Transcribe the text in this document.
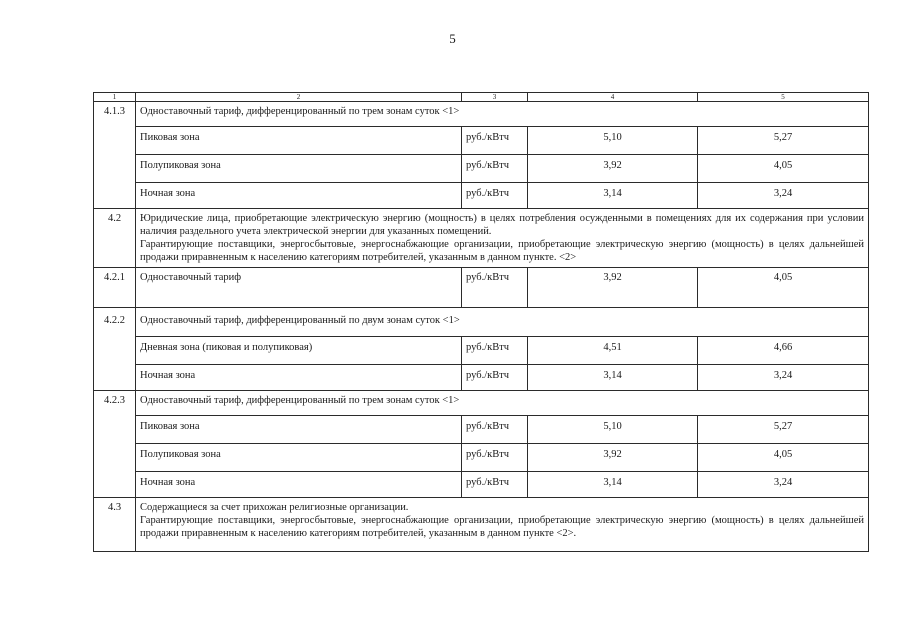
5
1	2	3	4	5
4.1.3	Одноставочный тариф, дифференцированный по трем зонам суток <1>			
	Пиковая зона	руб./кВтч	5,10	5,27
	Полупиковая зона	руб./кВтч	3,92	4,05
	Ночная зона	руб./кВтч	3,14	3,24
4.2	Юридические лица, приобретающие электрическую энергию (мощность) в целях потребления осужденными в помещениях для их содержания при условии наличия раздельного учета электрической энергии для указанных помещений.
Гарантирующие поставщики, энергосбытовые, энергоснабжающие организации, приобретающие электрическую энергию (мощность) в целях дальнейшей продажи приравненным к населению категориям потребителей, указанным в данном пункте. <2>			

4.2.1	Одноставочный тариф	руб./кВтч	3,92	4,05
4.2.2	Одноставочный тариф, дифференцированный по двум зонам суток <1>			
	Дневная зона (пиковая и полупиковая)	руб./кВтч	4,51	4,66
	Ночная зона	руб./кВтч	3,14	3,24
4.2.3	Одноставочный тариф, дифференцированный по трем зонам суток <1>			
	Пиковая зона	руб./кВтч	5,10	5,27
	Полупиковая зона	руб./кВтч	3,92	4,05
	Ночная зона	руб./кВтч	3,14	3,24
4.3	Содержащиеся за счет прихожан религиозные организации.
Гарантирующие поставщики, энергосбытовые, энергоснабжающие организации, приобретающие электрическую энергию (мощность) в целях дальнейшей продажи приравненным к населению категориям потребителей, указанным в данном пункте <2>.			
